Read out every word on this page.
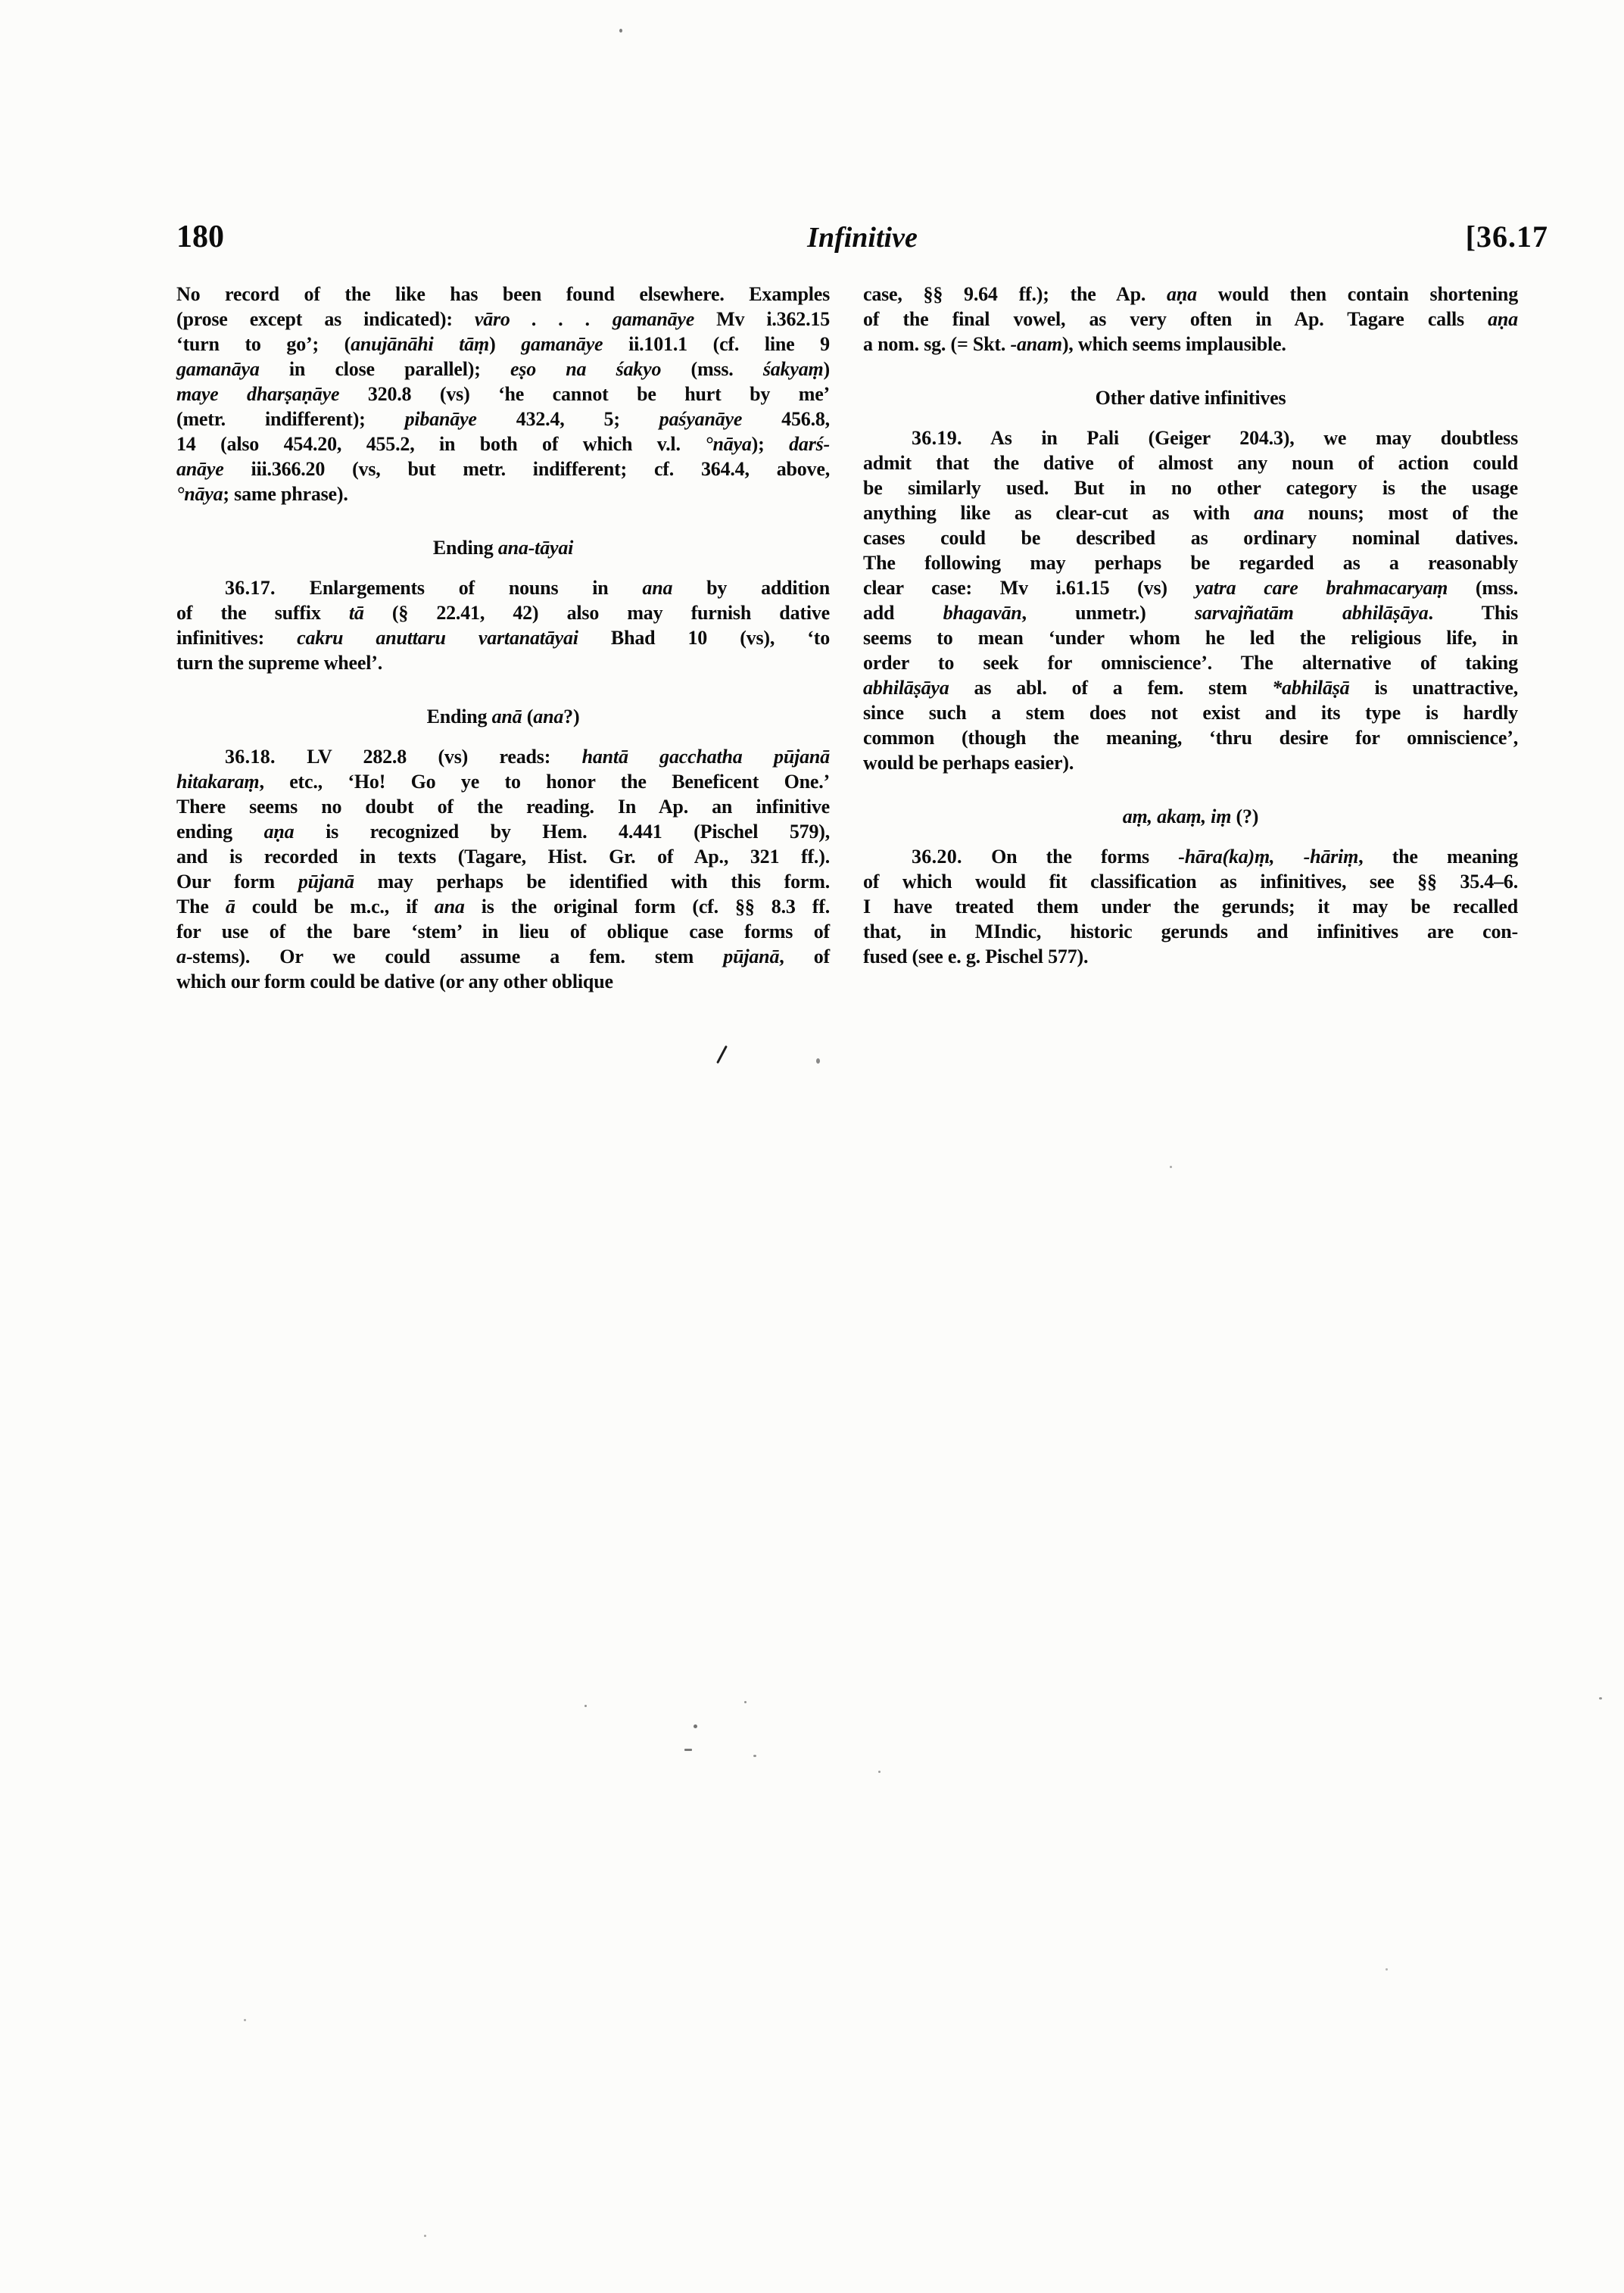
180	Infinitive	[36.17
No record of the like has been found elsewhere. Examples
(prose except as indicated): vāro . . . gamanāye Mv i.362.15
‘turn to go’; (anujānāhi tāṃ) gamanāye ii.101.1 (cf. line 9
gamanāya in close parallel); eṣo na śakyo (mss. śakyaṃ)
maye dharṣaṇāye 320.8 (vs) ‘he cannot be hurt by me’
(metr. indifferent); pibanāye 432.4, 5; paśyanāye 456.8,
14 (also 454.20, 455.2, in both of which v.l. °nāya); darś-
anāye iii.366.20 (vs, but metr. indifferent; cf. 364.4, above,
°nāya; same phrase).
Ending ana-tāyai
36.17. Enlargements of nouns in ana by addition
of the suffix tā (§ 22.41, 42) also may furnish dative
infinitives: cakru anuttaru vartanatāyai Bhad 10 (vs), ‘to
turn the supreme wheel’.
Ending anā (ana?)
36.18. LV 282.8 (vs) reads: hantā gacchatha pūjanā
hitakaraṃ, etc., ‘Ho! Go ye to honor the Beneficent One.’
There seems no doubt of the reading. In Ap. an infinitive
ending aṇa is recognized by Hem. 4.441 (Pischel 579),
and is recorded in texts (Tagare, Hist. Gr. of Ap., 321 ff.).
Our form pūjanā may perhaps be identified with this form.
The ā could be m.c., if ana is the original form (cf. §§ 8.3 ff.
for use of the bare ‘stem’ in lieu of oblique case forms of
a-stems). Or we could assume a fem. stem pūjanā, of
which our form could be dative (or any other oblique
case, §§ 9.64 ff.); the Ap. aṇa would then contain shortening
of the final vowel, as very often in Ap. Tagare calls aṇa
a nom. sg. (= Skt. -anam), which seems implausible.
Other dative infinitives
36.19. As in Pali (Geiger 204.3), we may doubtless
admit that the dative of almost any noun of action could
be similarly used. But in no other category is the usage
anything like as clear-cut as with ana nouns; most of the
cases could be described as ordinary nominal datives.
The following may perhaps be regarded as a reasonably
clear case: Mv i.61.15 (vs) yatra care brahmacaryaṃ (mss.
add bhagavān, unmetr.) sarvajñatām abhilāṣāya. This
seems to mean ‘under whom he led the religious life, in
order to seek for omniscience’. The alternative of taking
abhilāṣāya as abl. of a fem. stem *abhilāṣā is unattractive,
since such a stem does not exist and its type is hardly
common (though the meaning, ‘thru desire for omniscience’,
would be perhaps easier).
aṃ, akaṃ, iṃ (?)
36.20. On the forms -hāra(ka)ṃ, -hāriṃ, the meaning
of which would fit classification as infinitives, see §§ 35.4–6.
I have treated them under the gerunds; it may be recalled
that, in MIndic, historic gerunds and infinitives are con-
fused (see e. g. Pischel 577).
